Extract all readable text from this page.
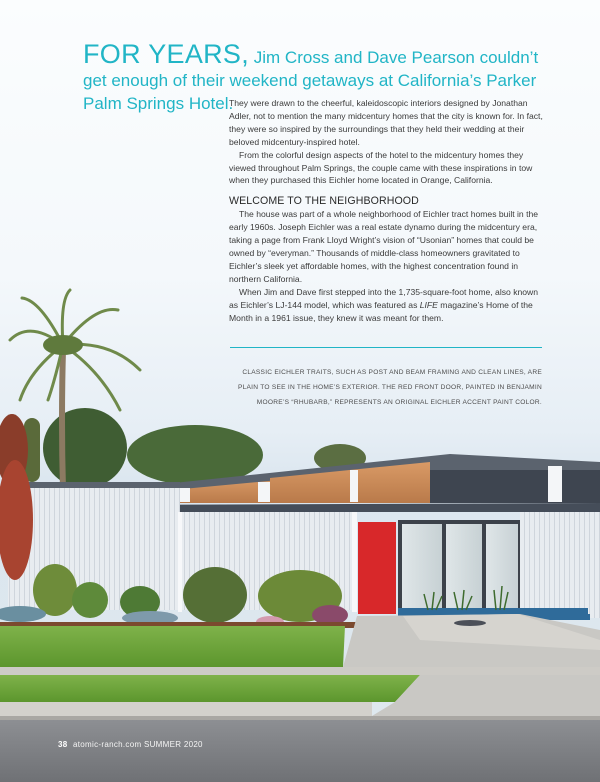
FOR YEARS, Jim Cross and Dave Pearson couldn’t get enough of their weekend getaways at California’s Parker Palm Springs Hotel.

They were drawn to the cheerful, kaleidoscopic interiors designed by Jonathan Adler, not to mention the many midcentury homes that the city is known for. In fact, they were so inspired by the surroundings that they held their wedding at their beloved midcentury-inspired hotel.

From the colorful design aspects of the hotel to the midcentury homes they viewed throughout Palm Springs, the couple came with these inspirations in tow when they purchased this Eichler home located in Orange, California.

WELCOME TO THE NEIGHBORHOOD

The house was part of a whole neighborhood of Eichler tract homes built in the early 1960s. Joseph Eichler was a real estate dynamo during the midcentury era, taking a page from Frank Lloyd Wright’s vision of “Usonian” homes that could be owned by “everyman.” Thousands of middle-class homeowners gravitated to Eichler’s sleek yet affordable homes, with the highest concentration found in northern California.

When Jim and Dave first stepped into the 1,735-square-foot home, also known as Eichler’s LJ-144 model, which was featured as LIFE magazine’s Home of the Month in a 1961 issue, they knew it was meant for them.

CLASSIC EICHLER TRAITS, SUCH AS POST AND BEAM FRAMING AND CLEAN LINES, ARE PLAIN TO SEE IN THE HOME’S EXTERIOR. THE RED FRONT DOOR, PAINTED IN BENJAMIN MOORE’S “RHUBARB,” REPRESENTS AN ORIGINAL EICHLER ACCENT PAINT COLOR.
38 atomic-ranch.com SUMMER 2020
